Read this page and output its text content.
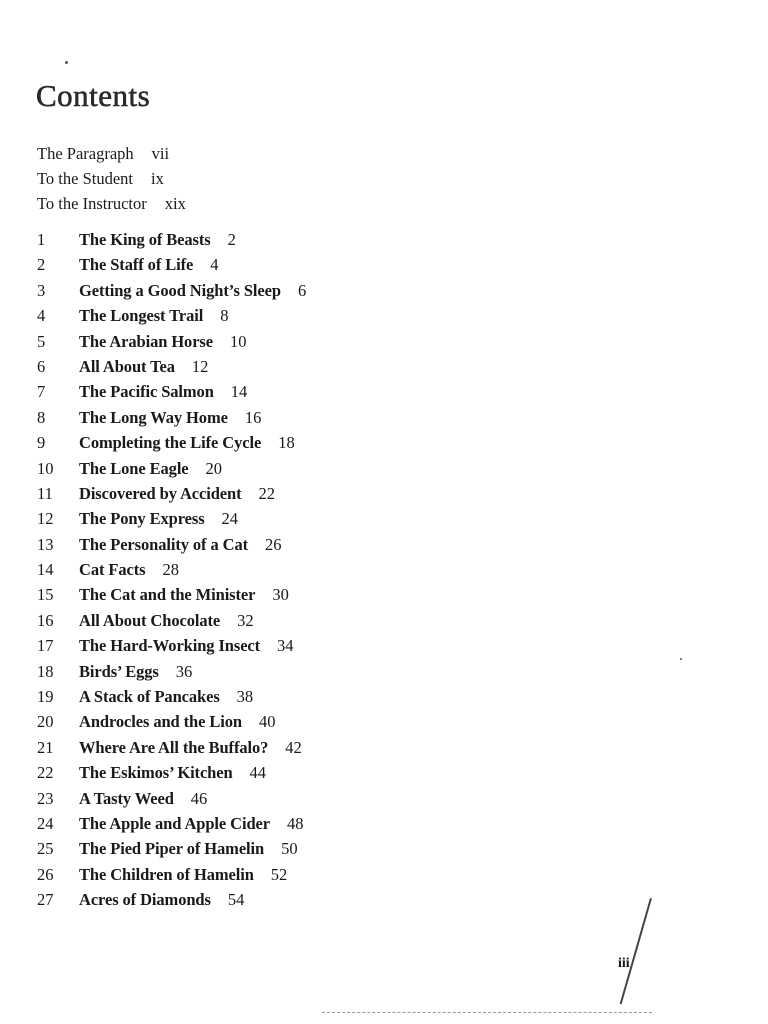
Contents
The Paragraph vii
To the Student ix
To the Instructor xix
1	The King of Beasts 2
2	The Staff of Life 4
3	Getting a Good Night’s Sleep 6
4	The Longest Trail 8
5	The Arabian Horse 10
6	All About Tea 12
7	The Pacific Salmon 14
8	The Long Way Home 16
9	Completing the Life Cycle 18
10	The Lone Eagle 20
11	Discovered by Accident 22
12	The Pony Express 24
13	The Personality of a Cat 26
14	Cat Facts 28
15	The Cat and the Minister 30
16	All About Chocolate 32
17	The Hard-Working Insect 34
18	Birds’ Eggs 36
19	A Stack of Pancakes 38
20	Androcles and the Lion 40
21	Where Are All the Buffalo? 42
22	The Eskimos’ Kitchen 44
23	A Tasty Weed 46
24	The Apple and Apple Cider 48
25	The Pied Piper of Hamelin 50
26	The Children of Hamelin 52
27	Acres of Diamonds 54
iii
